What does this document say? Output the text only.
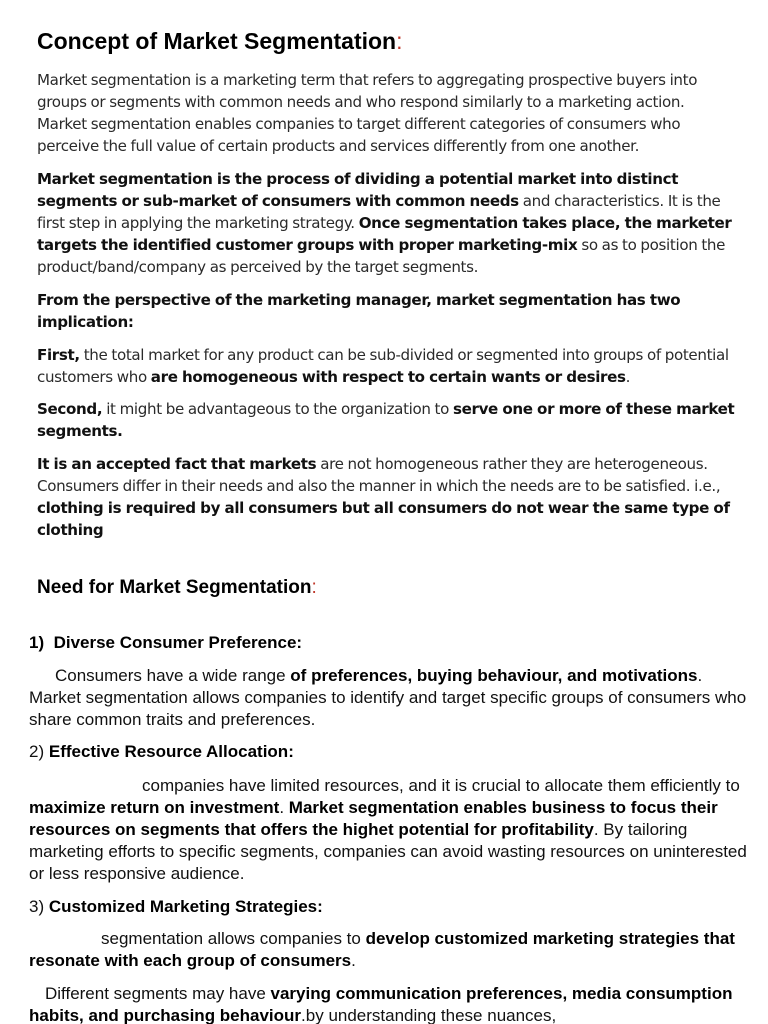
Concept of Market Segmentation:

Market segmentation is a marketing term that refers to aggregating prospective buyers into groups or segments with common needs and who respond similarly to a marketing action. Market segmentation enables companies to target different categories of consumers who perceive the full value of certain products and services differently from one another.

Market segmentation is the process of dividing a potential market into distinct segments or sub-market of consumers with common needs and characteristics. It is the first step in applying the marketing strategy. Once segmentation takes place, the marketer targets the identified customer groups with proper marketing-mix so as to position the product/band/company as perceived by the target segments.

From the perspective of the marketing manager, market segmentation has two implication:

First, the total market for any product can be sub-divided or segmented into groups of potential customers who are homogeneous with respect to certain wants or desires.

Second, it might be advantageous to the organization to serve one or more of these market segments.

It is an accepted fact that markets are not homogeneous rather they are heterogeneous. Consumers differ in their needs and also the manner in which the needs are to be satisfied. i.e., clothing is required by all consumers but all consumers do not wear the same type of clothing

Need for Market Segmentation:

1) Diverse Consumer Preference:

Consumers have a wide range of preferences, buying behaviour, and motivations. Market segmentation allows companies to identify and target specific groups of consumers who share common traits and preferences.

2) Effective Resource Allocation:

companies have limited resources, and it is crucial to allocate them efficiently to maximize return on investment. Market segmentation enables business to focus their resources on segments that offers the highet potential for profitability. By tailoring marketing efforts to specific segments, companies can avoid wasting resources on uninterested or less responsive audience.

3) Customized Marketing Strategies:

segmentation allows companies to develop customized marketing strategies that resonate with each group of consumers.

Different segments may have varying communication preferences, media consumption habits, and purchasing behaviour.by understanding these nuances,
